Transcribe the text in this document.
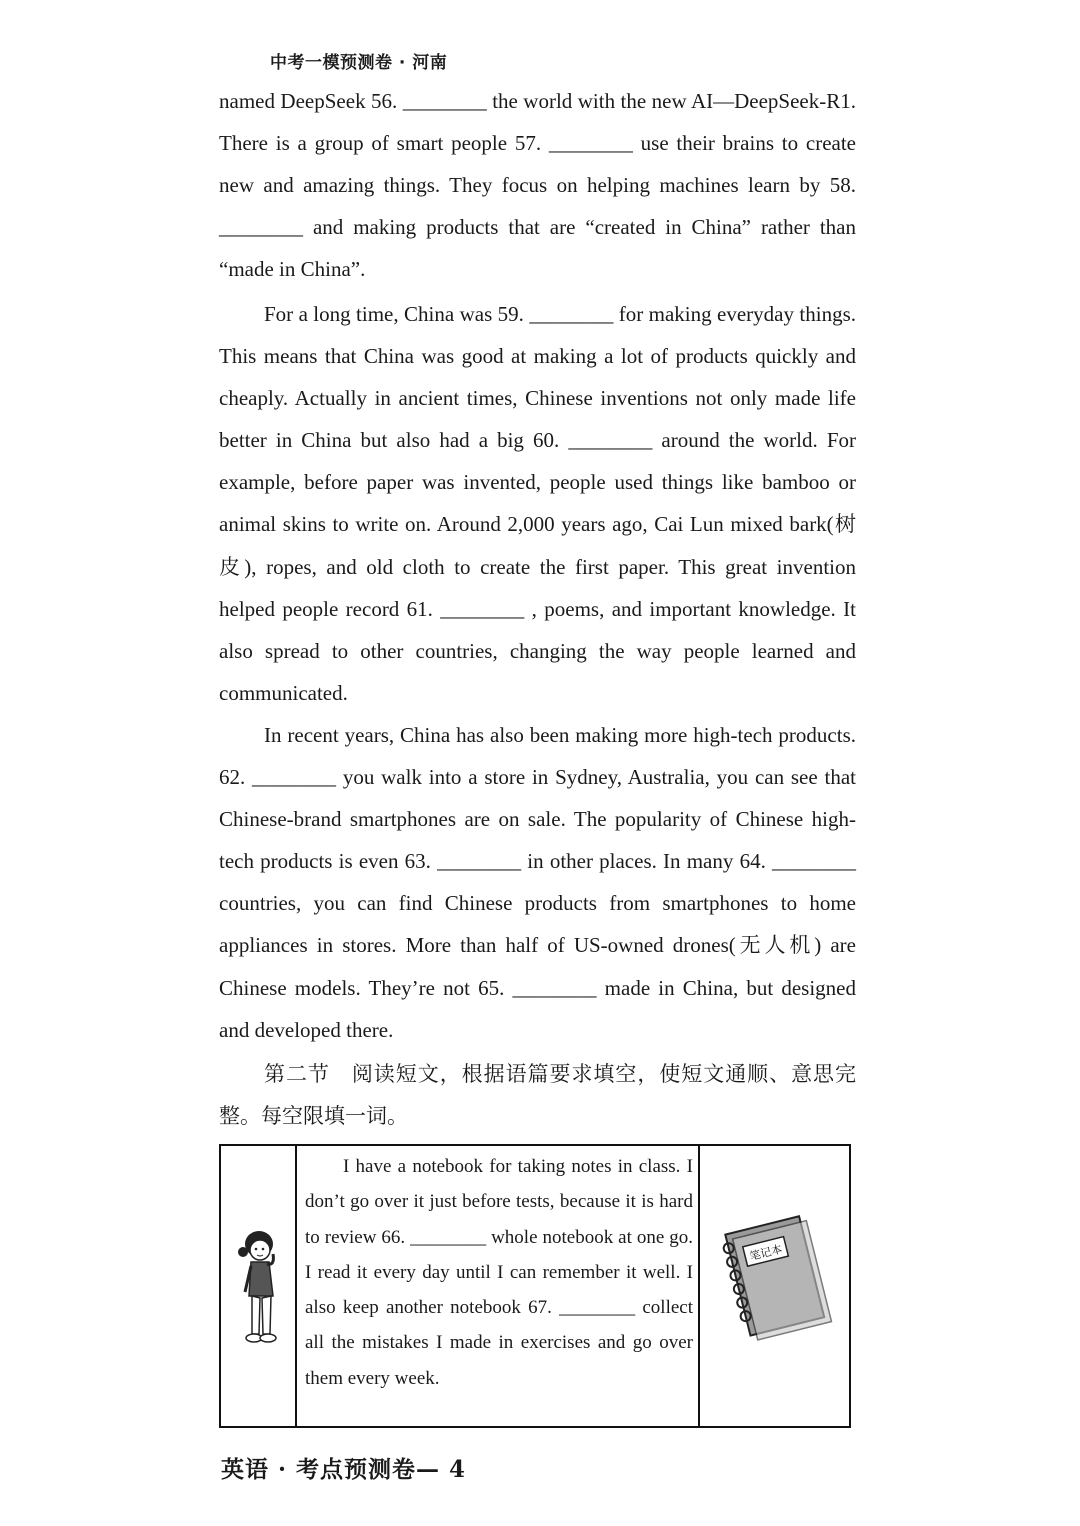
中考一模预测卷 · 河南
named DeepSeek 56. ________ the world with the new AI—DeepSeek-R1. There is a group of smart people 57. ________ use their brains to create new and amazing things. They focus on helping machines learn by 58. ________ and making products that are “created in China” rather than “made in China”.
For a long time, China was 59. ________ for making everyday things. This means that China was good at making a lot of products quickly and cheaply. Actually in ancient times, Chinese inventions not only made life better in China but also had a big 60. ________ around the world. For example, before paper was invented, people used things like bamboo or animal skins to write on. Around 2,000 years ago, Cai Lun mixed bark(树皮), ropes, and old cloth to create the first paper. This great invention helped people record 61. ________ , poems, and important knowledge. It also spread to other countries, changing the way people learned and communicated.
In recent years, China has also been making more high-tech products. 62. ________ you walk into a store in Sydney, Australia, you can see that Chinese-brand smartphones are on sale. The popularity of Chinese high-tech products is even 63. ________ in other places. In many 64. ________ countries, you can find Chinese products from smartphones to home appliances in stores. More than half of US-owned drones(无人机) are Chinese models. They’re not 65. ________ made in China, but designed and developed there.
第二节　阅读短文，根据语篇要求填空，使短文通顺、意思完整。每空限填一词。
I have a notebook for taking notes in class. I don’t go over it just before tests, because it is hard to review 66. ________ whole notebook at one go. I read it every day until I can remember it well. I also keep another notebook 67. ________ collect all the mistakes I made in exercises and go over them every week.
笔记本
英语 · 考点预测卷— 4
